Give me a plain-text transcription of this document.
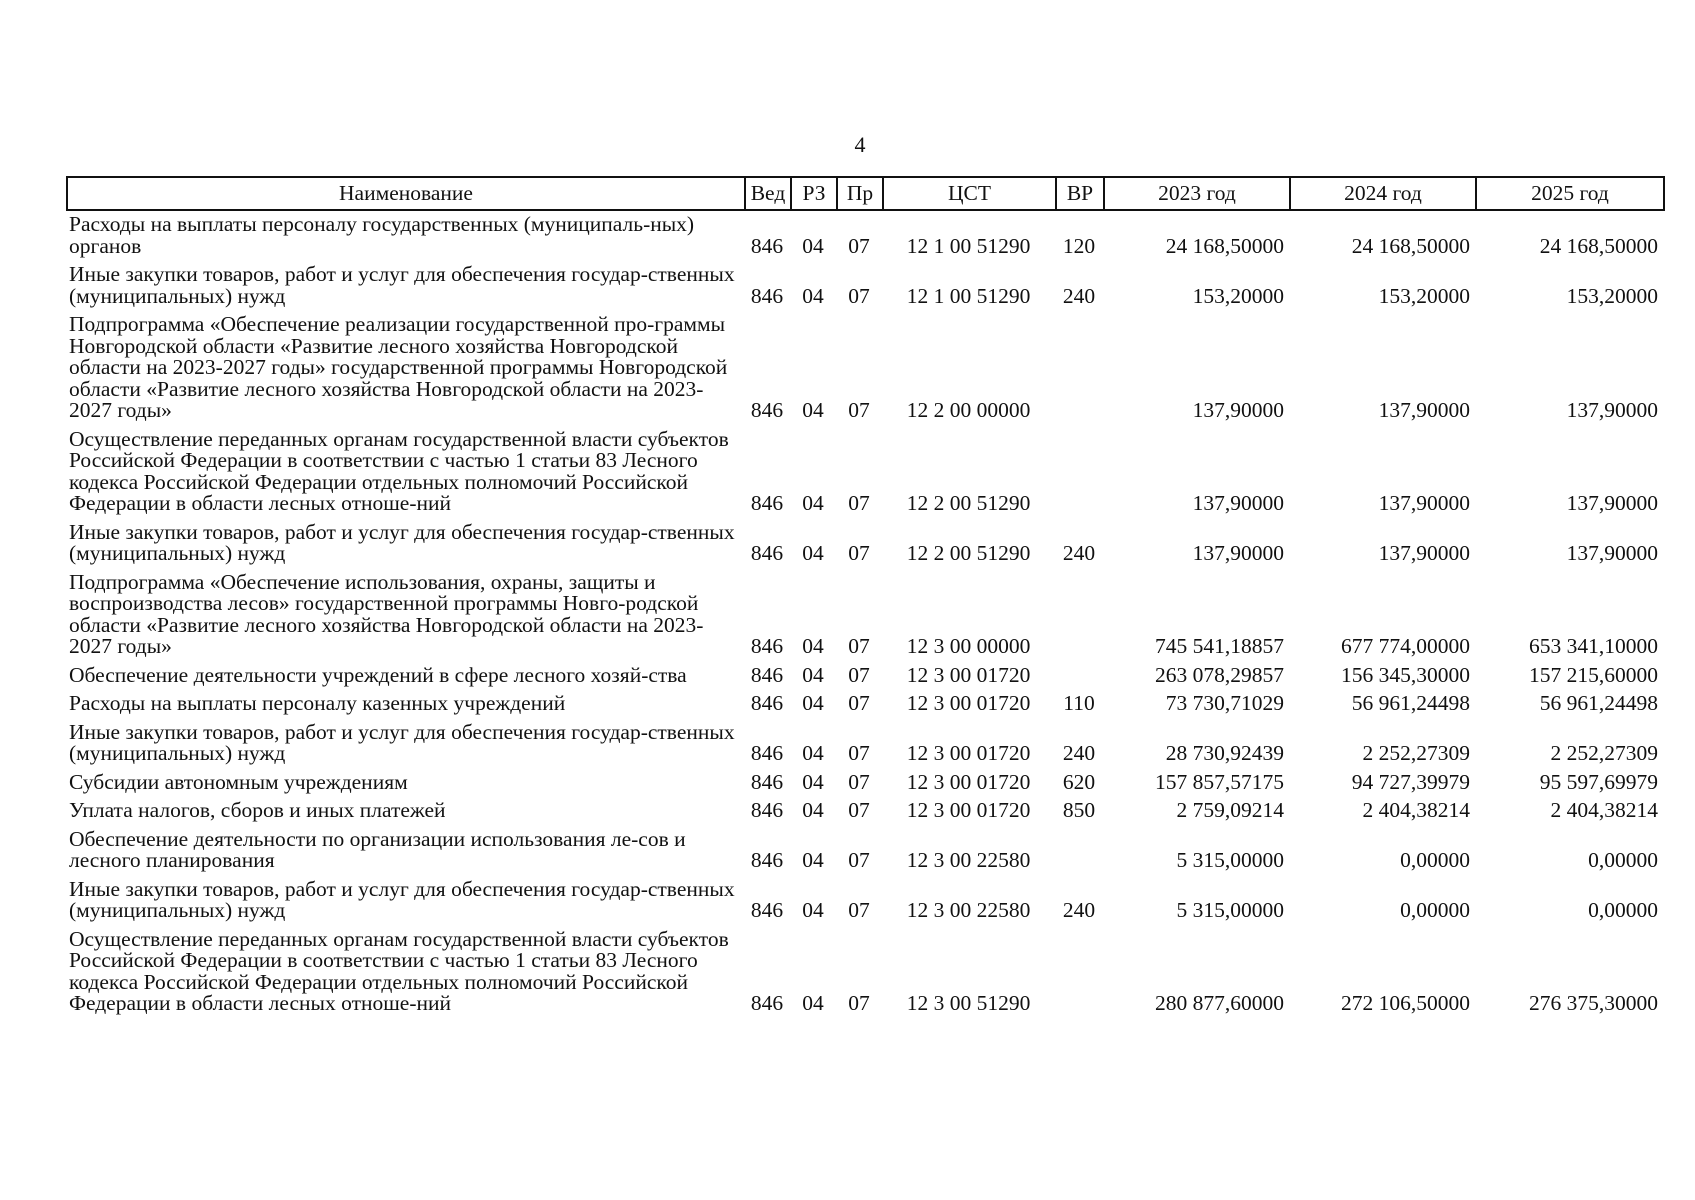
4
Наименование	Вед	РЗ	Пр	ЦСТ	ВР	2023 год	2024 год	2025 год
Расходы на выплаты персоналу государственных (муниципаль-ных) органов	846	04	07	12 1 00 51290	120	24 168,50000	24 168,50000	24 168,50000
Иные закупки товаров, работ и услуг для обеспечения государ-ственных (муниципальных) нужд	846	04	07	12 1 00 51290	240	153,20000	153,20000	153,20000
Подпрограмма «Обеспечение реализации государственной про-граммы Новгородской области «Развитие лесного хозяйства Новгородской области на 2023-2027 годы» государственной программы Новгородской области «Развитие лесного хозяйства Новгородской области на 2023-2027 годы»	846	04	07	12 2 00 00000		137,90000	137,90000	137,90000
Осуществление переданных органам государственной власти субъектов Российской Федерации в соответствии с частью 1 статьи 83 Лесного кодекса Российской Федерации отдельных полномочий Российской Федерации в области лесных отноше-ний	846	04	07	12 2 00 51290		137,90000	137,90000	137,90000
Иные закупки товаров, работ и услуг для обеспечения государ-ственных (муниципальных) нужд	846	04	07	12 2 00 51290	240	137,90000	137,90000	137,90000
Подпрограмма «Обеспечение использования, охраны, защиты и воспроизводства лесов» государственной программы Новго-родской области «Развитие лесного хозяйства Новгородской области на 2023-2027 годы»	846	04	07	12 3 00 00000		745 541,18857	677 774,00000	653 341,10000
Обеспечение деятельности учреждений в сфере лесного хозяй-ства	846	04	07	12 3 00 01720		263 078,29857	156 345,30000	157 215,60000
Расходы на выплаты персоналу казенных учреждений	846	04	07	12 3 00 01720	110	73 730,71029	56 961,24498	56 961,24498
Иные закупки товаров, работ и услуг для обеспечения государ-ственных (муниципальных) нужд	846	04	07	12 3 00 01720	240	28 730,92439	2 252,27309	2 252,27309
Субсидии автономным учреждениям	846	04	07	12 3 00 01720	620	157 857,57175	94 727,39979	95 597,69979
Уплата налогов, сборов и иных платежей	846	04	07	12 3 00 01720	850	2 759,09214	2 404,38214	2 404,38214
Обеспечение деятельности по организации использования ле-сов и лесного планирования	846	04	07	12 3 00 22580		5 315,00000	0,00000	0,00000
Иные закупки товаров, работ и услуг для обеспечения государ-ственных (муниципальных) нужд	846	04	07	12 3 00 22580	240	5 315,00000	0,00000	0,00000
Осуществление переданных органам государственной власти субъектов Российской Федерации в соответствии с частью 1 статьи 83 Лесного кодекса Российской Федерации отдельных полномочий Российской Федерации в области лесных отноше-ний	846	04	07	12 3 00 51290		280 877,60000	272 106,50000	276 375,30000
